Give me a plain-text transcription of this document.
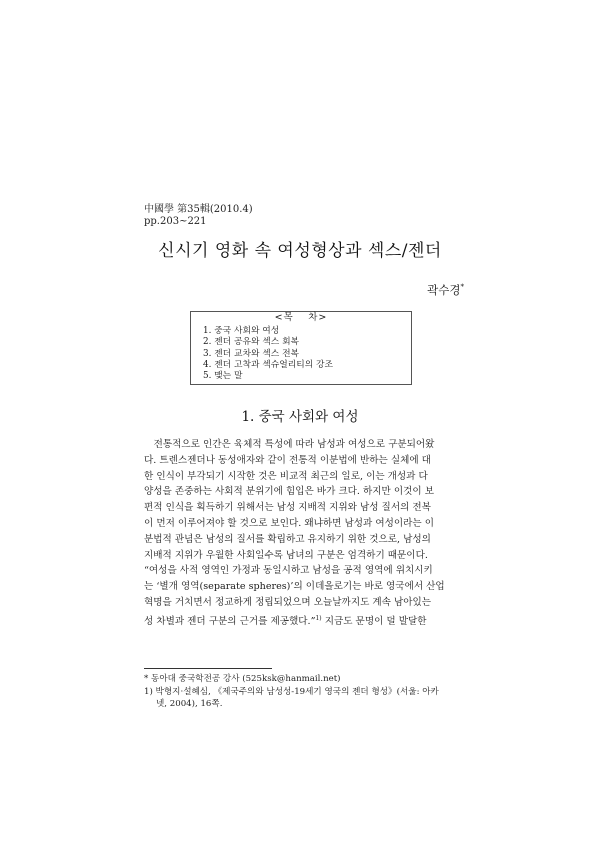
中國學 第35輯(2010.4)
pp.203~221
신시기 영화 속 여성형상과 섹스/젠더
곽수경*
<목　 차>
1. 중국 사회와 여성
2. 젠더 공유와 섹스 회복
3. 젠더 교차와 섹스 전복
4. 젠더 고착과 섹슈얼리티의 강조
5. 맺는 말
1. 중국 사회와 여성

　전통적으로 인간은 육체적 특성에 따라 남성과 여성으로 구분되어왔
다. 트렌스젠더나 동성애자와 같이 전통적 이분법에 반하는 실체에 대
한 인식이 부각되기 시작한 것은 비교적 최근의 일로, 이는 개성과 다
양성을 존중하는 사회적 분위기에 힘입은 바가 크다. 하지만 이것이 보
편적 인식을 획득하기 위해서는 남성 지배적 지위와 남성 질서의 전복
이 먼저 이루어져야 할 것으로 보인다. 왜냐하면 남성과 여성이라는 이
분법적 관념은 남성의 질서를 확립하고 유지하기 위한 것으로, 남성의
지배적 지위가 우월한 사회일수록 남녀의 구분은 엄격하기 때문이다.
“여성을 사적 영역인 가정과 동일시하고 남성을 공적 영역에 위치시키
는 ‘별개 영역(separate spheres)’의 이데올로기는 바로 영국에서 산업
혁명을 거치면서 정교하게 정립되었으며 오늘날까지도 계속 남아있는
성 차별과 젠더 구분의 근거를 제공했다.”$^{1)}$ 지금도 문명이 덜 발달한

* 동아대 중국학전공 강사 (525ksk@hanmail.net)
1) 박형지·설혜심, 《제국주의와 남성성-19세기 영국의 젠더 형성》(서울: 아카
넷, 2004), 16쪽.
